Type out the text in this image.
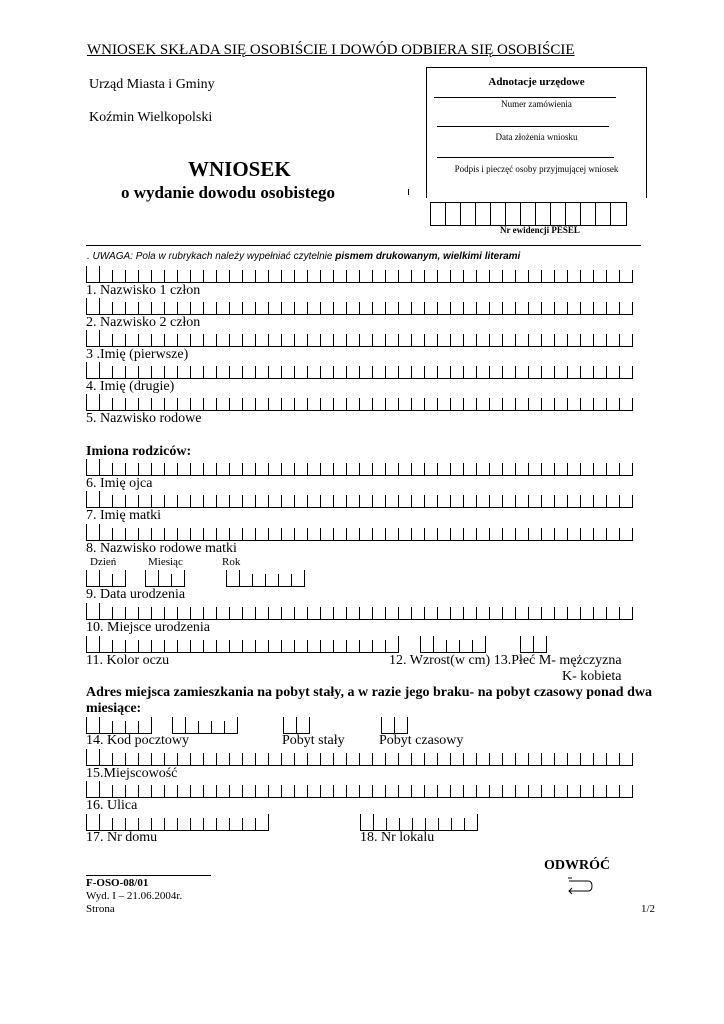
WNIOSEK SKŁADA SIĘ OSOBIŚCIE I DOWÓD ODBIERA SIĘ OSOBIŚCIE
Urząd Miasta i Gminy
Koźmin Wielkopolski
WNIOSEK
o wydanie dowodu osobistego
Adnotacje urzędowe
Numer zamówienia
Data złożenia wniosku
Podpis i pieczęć osoby przyjmującej wniosek
Nr ewidencji PESEL
. UWAGA: Pola w rubrykach należy wypełniać czytelnie pismem drukowanym, wielkimi literami
1. Nazwisko 1 człon
2. Nazwisko 2 człon
3 .Imię (pierwsze)
4. Imię (drugie)
5. Nazwisko rodowe
Imiona rodziców:
6. Imię ojca
7. Imię matki
8. Nazwisko rodowe matki
Dzień	Miesiąc	Rok
9. Data urodzenia
10. Miejsce urodzenia
11. Kolor oczu	12. Wzrost(w cm) 13.Płeć M- mężczyzna
K- kobieta
Adres miejsca zamieszkania na pobyt stały, a w razie jego braku- na pobyt czasowy ponad dwa miesiące:
14. Kod pocztowy	Pobyt stały Pobyt czasowy
15.Miejscowość
16. Ulica
17. Nr domu	18. Nr lokalu
F-OSO-08/01
Wyd. I – 21.06.2004r.
Strona	1/2
ODWRÓĆ
